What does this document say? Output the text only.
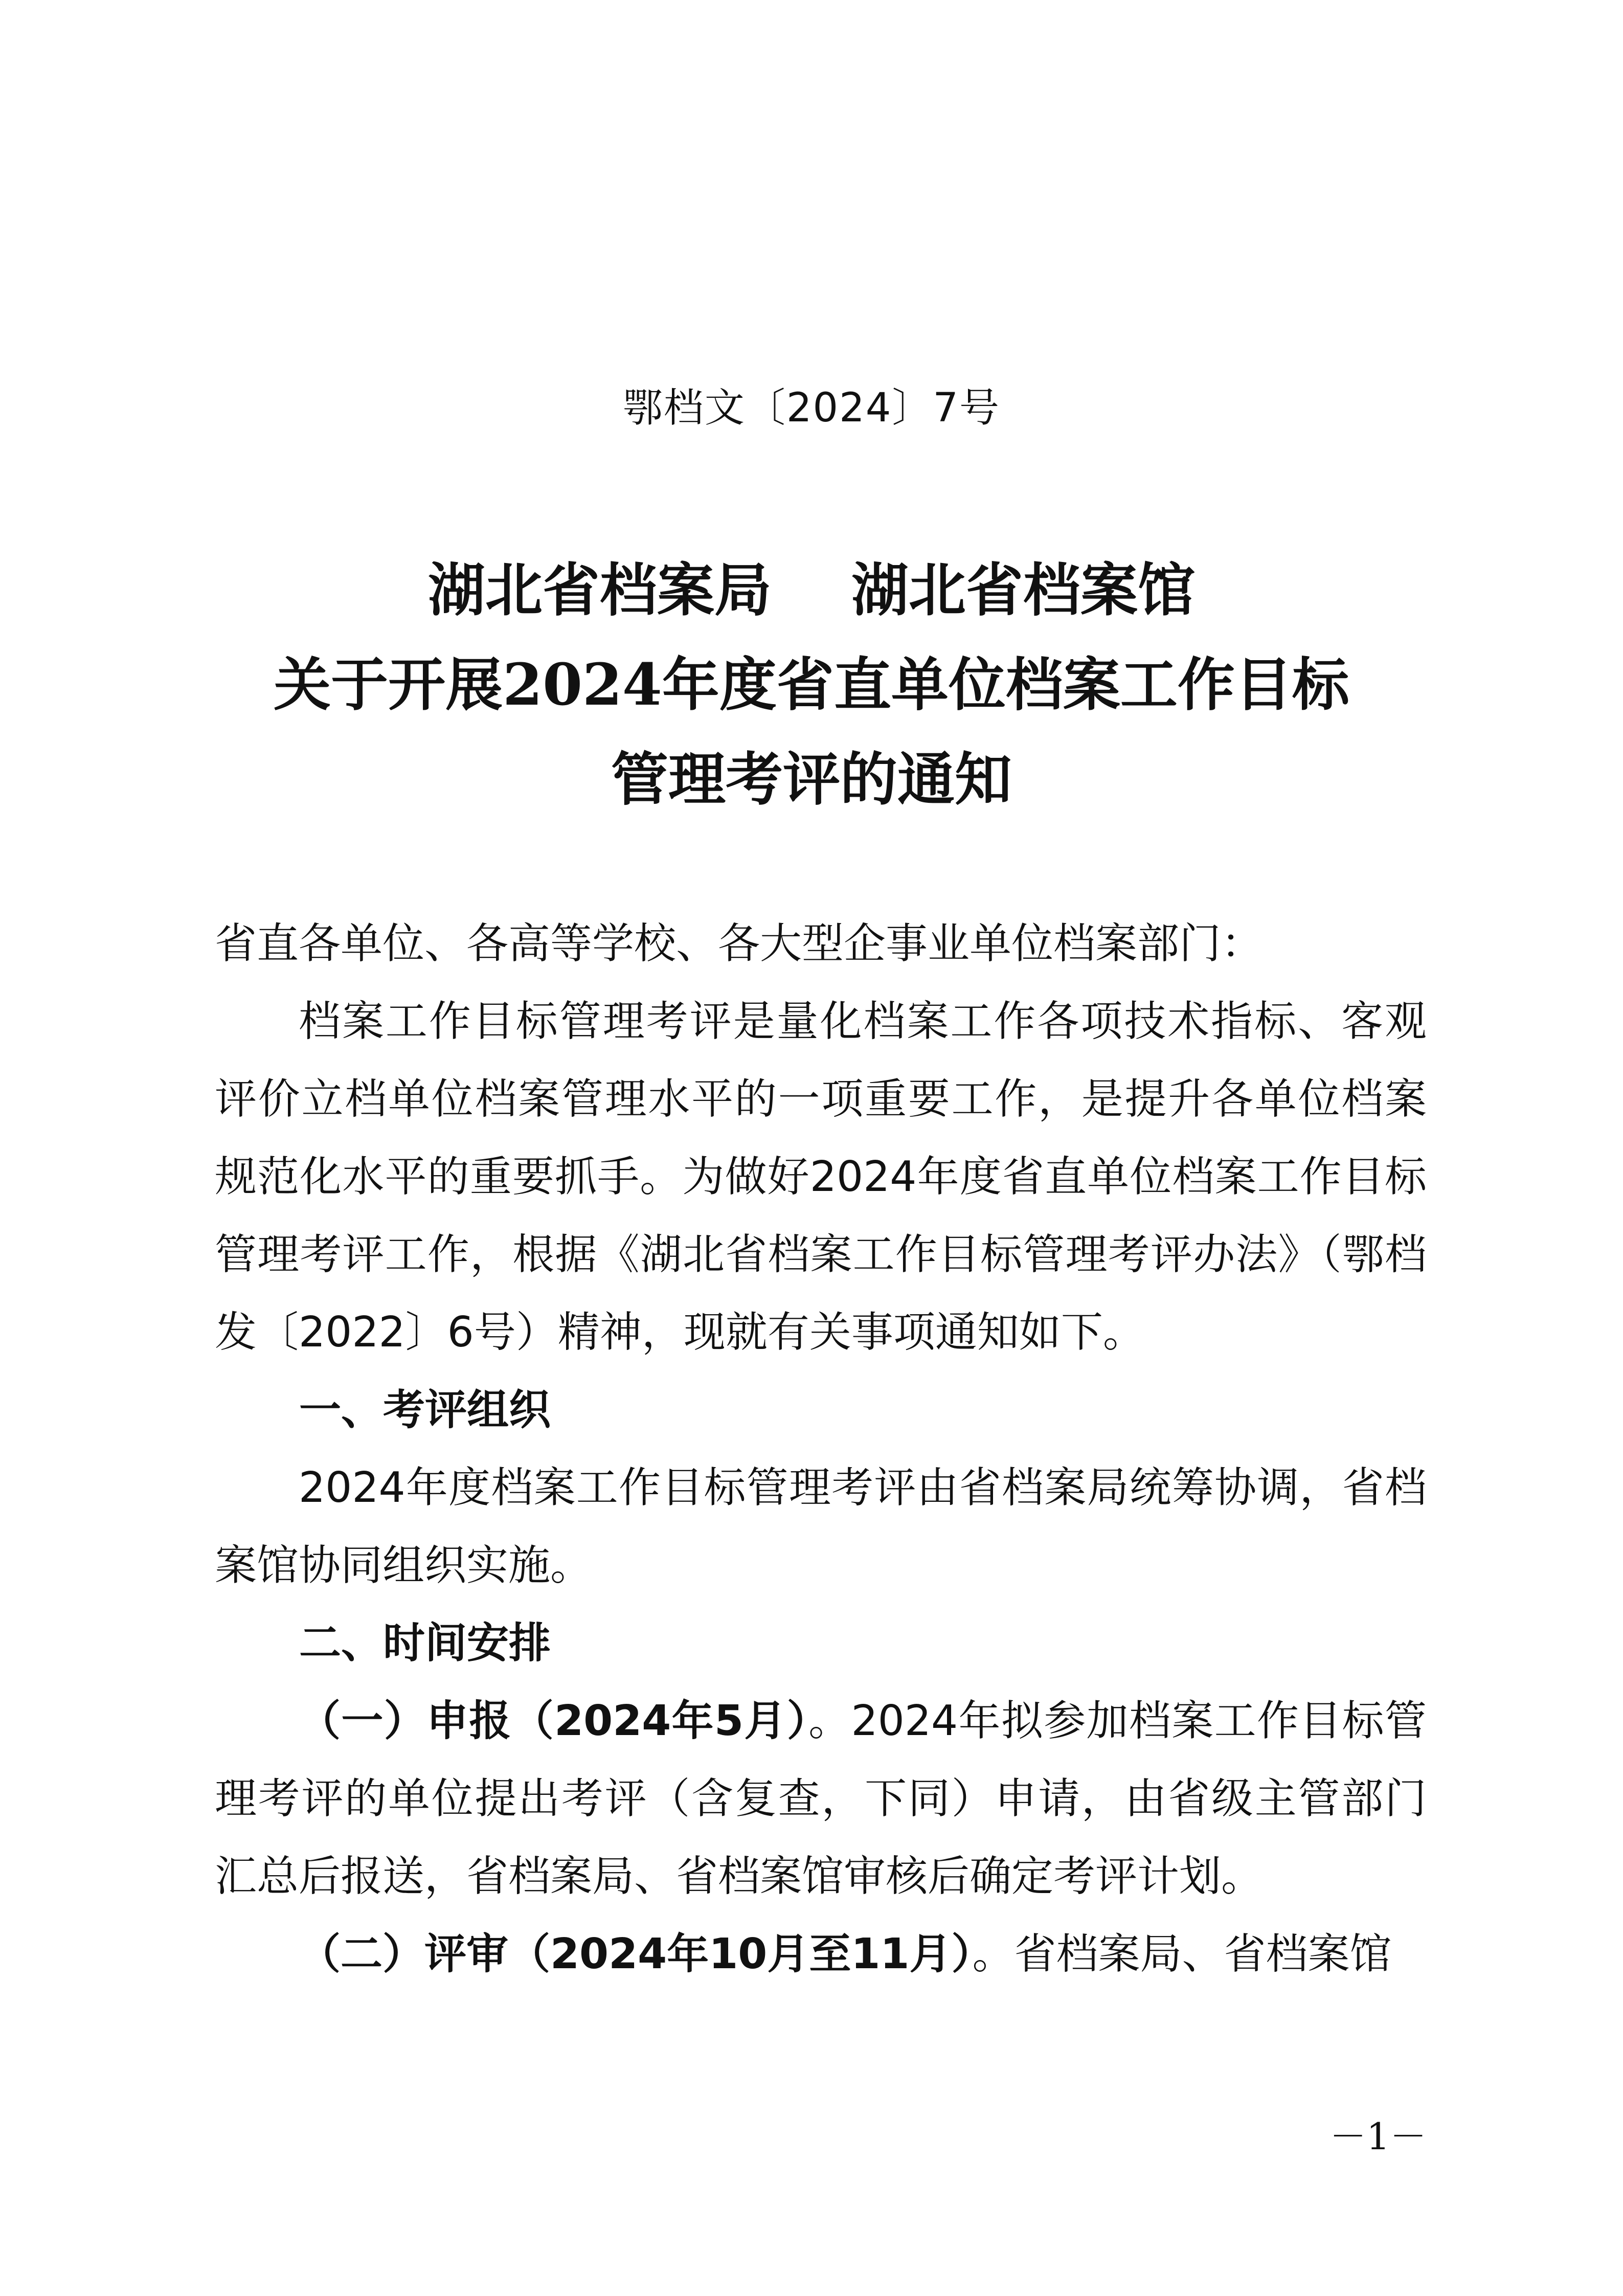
鄂档文〔2024〕7号
湖北省档案局    湖北省档案馆
关于开展2024年度省直单位档案工作目标
管理考评的通知
省直各单位、各高等学校、各大型企事业单位档案部门：
档案工作目标管理考评是量化档案工作各项技术指标、客观评价立档单位档案管理水平的一项重要工作，是提升各单位档案规范化水平的重要抓手。为做好2024年度省直单位档案工作目标管理考评工作，根据《湖北省档案工作目标管理考评办法》（鄂档发〔2022〕6号）精神，现就有关事项通知如下。
一、考评组织
2024年度档案工作目标管理考评由省档案局统筹协调，省档案馆协同组织实施。
二、时间安排
（一）申报（2024年5月）。2024年拟参加档案工作目标管理考评的单位提出考评（含复查，下同）申请，由省级主管部门汇总后报送，省档案局、省档案馆审核后确定考评计划。
（二）评审（2024年10月至11月）。省档案局、省档案馆
－1－
